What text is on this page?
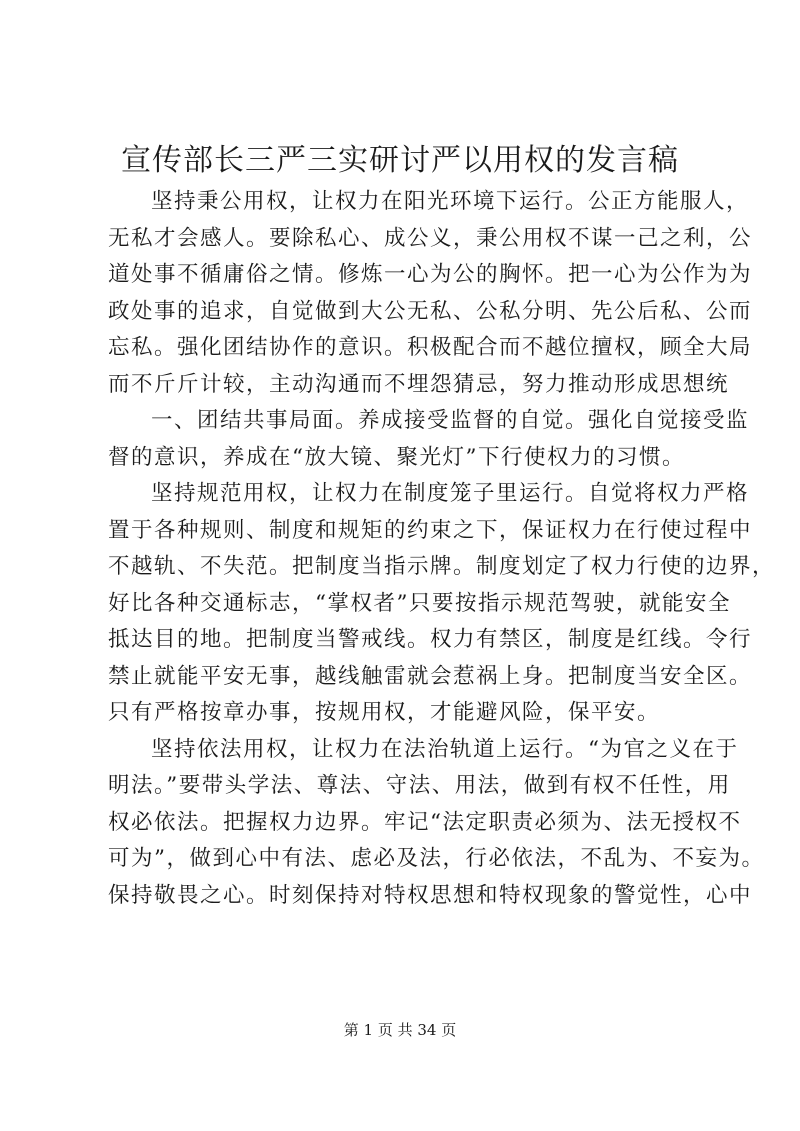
宣传部长三严三实研讨严以用权的发言稿
坚持秉公用权，让权力在阳光环境下运行。公正方能服人，
无私才会感人。要除私心、成公义，秉公用权不谋一己之利，公
道处事不循庸俗之情。修炼一心为公的胸怀。把一心为公作为为
政处事的追求，自觉做到大公无私、公私分明、先公后私、公而
忘私。强化团结协作的意识。积极配合而不越位擅权，顾全大局
而不斤斤计较，主动沟通而不埋怨猜忌，努力推动形成思想统
一、团结共事局面。养成接受监督的自觉。强化自觉接受监
督的意识，养成在“放大镜、聚光灯”下行使权力的习惯。
坚持规范用权，让权力在制度笼子里运行。自觉将权力严格
置于各种规则、制度和规矩的约束之下，保证权力在行使过程中
不越轨、不失范。把制度当指示牌。制度划定了权力行使的边界，
好比各种交通标志，“掌权者”只要按指示规范驾驶，就能安全
抵达目的地。把制度当警戒线。权力有禁区，制度是红线。令行
禁止就能平安无事，越线触雷就会惹祸上身。把制度当安全区。
只有严格按章办事，按规用权，才能避风险，保平安。
坚持依法用权，让权力在法治轨道上运行。“为官之义在于
明法。”要带头学法、尊法、守法、用法，做到有权不任性，用
权必依法。把握权力边界。牢记“法定职责必须为、法无授权不
可为”，做到心中有法、虑必及法，行必依法，不乱为、不妄为。
保持敬畏之心。时刻保持对特权思想和特权现象的警觉性，心中

第 1 页 共 34 页
